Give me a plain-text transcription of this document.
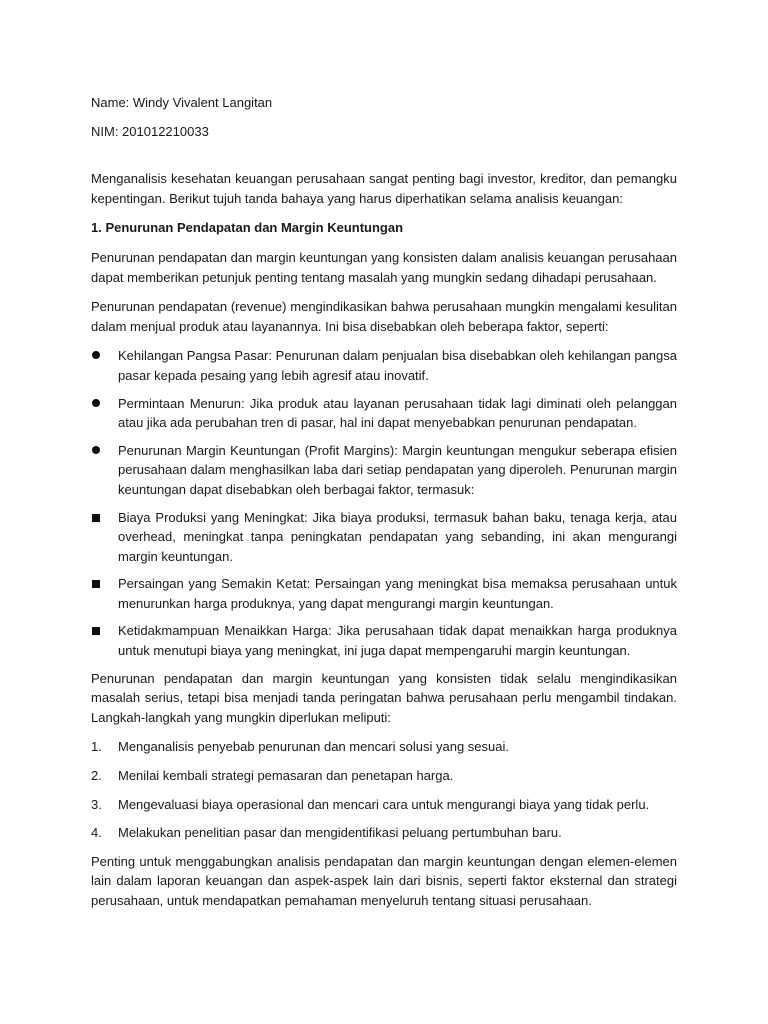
Name: Windy Vivalent Langitan

NIM: 201012210033

Menganalisis kesehatan keuangan perusahaan sangat penting bagi investor, kreditor, dan pemangku kepentingan. Berikut tujuh tanda bahaya yang harus diperhatikan selama analisis keuangan:

1. Penurunan Pendapatan dan Margin Keuntungan

Penurunan pendapatan dan margin keuntungan yang konsisten dalam analisis keuangan perusahaan dapat memberikan petunjuk penting tentang masalah yang mungkin sedang dihadapi perusahaan.

Penurunan pendapatan (revenue) mengindikasikan bahwa perusahaan mungkin mengalami kesulitan dalam menjual produk atau layanannya. Ini bisa disebabkan oleh beberapa faktor, seperti:

Kehilangan Pangsa Pasar: Penurunan dalam penjualan bisa disebabkan oleh kehilangan pangsa pasar kepada pesaing yang lebih agresif atau inovatif.
Permintaan Menurun: Jika produk atau layanan perusahaan tidak lagi diminati oleh pelanggan atau jika ada perubahan tren di pasar, hal ini dapat menyebabkan penurunan pendapatan.
Penurunan Margin Keuntungan (Profit Margins): Margin keuntungan mengukur seberapa efisien perusahaan dalam menghasilkan laba dari setiap pendapatan yang diperoleh. Penurunan margin keuntungan dapat disebabkan oleh berbagai faktor, termasuk:
Biaya Produksi yang Meningkat: Jika biaya produksi, termasuk bahan baku, tenaga kerja, atau overhead, meningkat tanpa peningkatan pendapatan yang sebanding, ini akan mengurangi margin keuntungan.
Persaingan yang Semakin Ketat: Persaingan yang meningkat bisa memaksa perusahaan untuk menurunkan harga produknya, yang dapat mengurangi margin keuntungan.
Ketidakmampuan Menaikkan Harga: Jika perusahaan tidak dapat menaikkan harga produknya untuk menutupi biaya yang meningkat, ini juga dapat mempengaruhi margin keuntungan.

Penurunan pendapatan dan margin keuntungan yang konsisten tidak selalu mengindikasikan masalah serius, tetapi bisa menjadi tanda peringatan bahwa perusahaan perlu mengambil tindakan. Langkah-langkah yang mungkin diperlukan meliputi:

1.	Menganalisis penyebab penurunan dan mencari solusi yang sesuai.
2.	Menilai kembali strategi pemasaran dan penetapan harga.
3.	Mengevaluasi biaya operasional dan mencari cara untuk mengurangi biaya yang tidak perlu.
4.	Melakukan penelitian pasar dan mengidentifikasi peluang pertumbuhan baru.

Penting untuk menggabungkan analisis pendapatan dan margin keuntungan dengan elemen-elemen lain dalam laporan keuangan dan aspek-aspek lain dari bisnis, seperti faktor eksternal dan strategi perusahaan, untuk mendapatkan pemahaman menyeluruh tentang situasi perusahaan.
